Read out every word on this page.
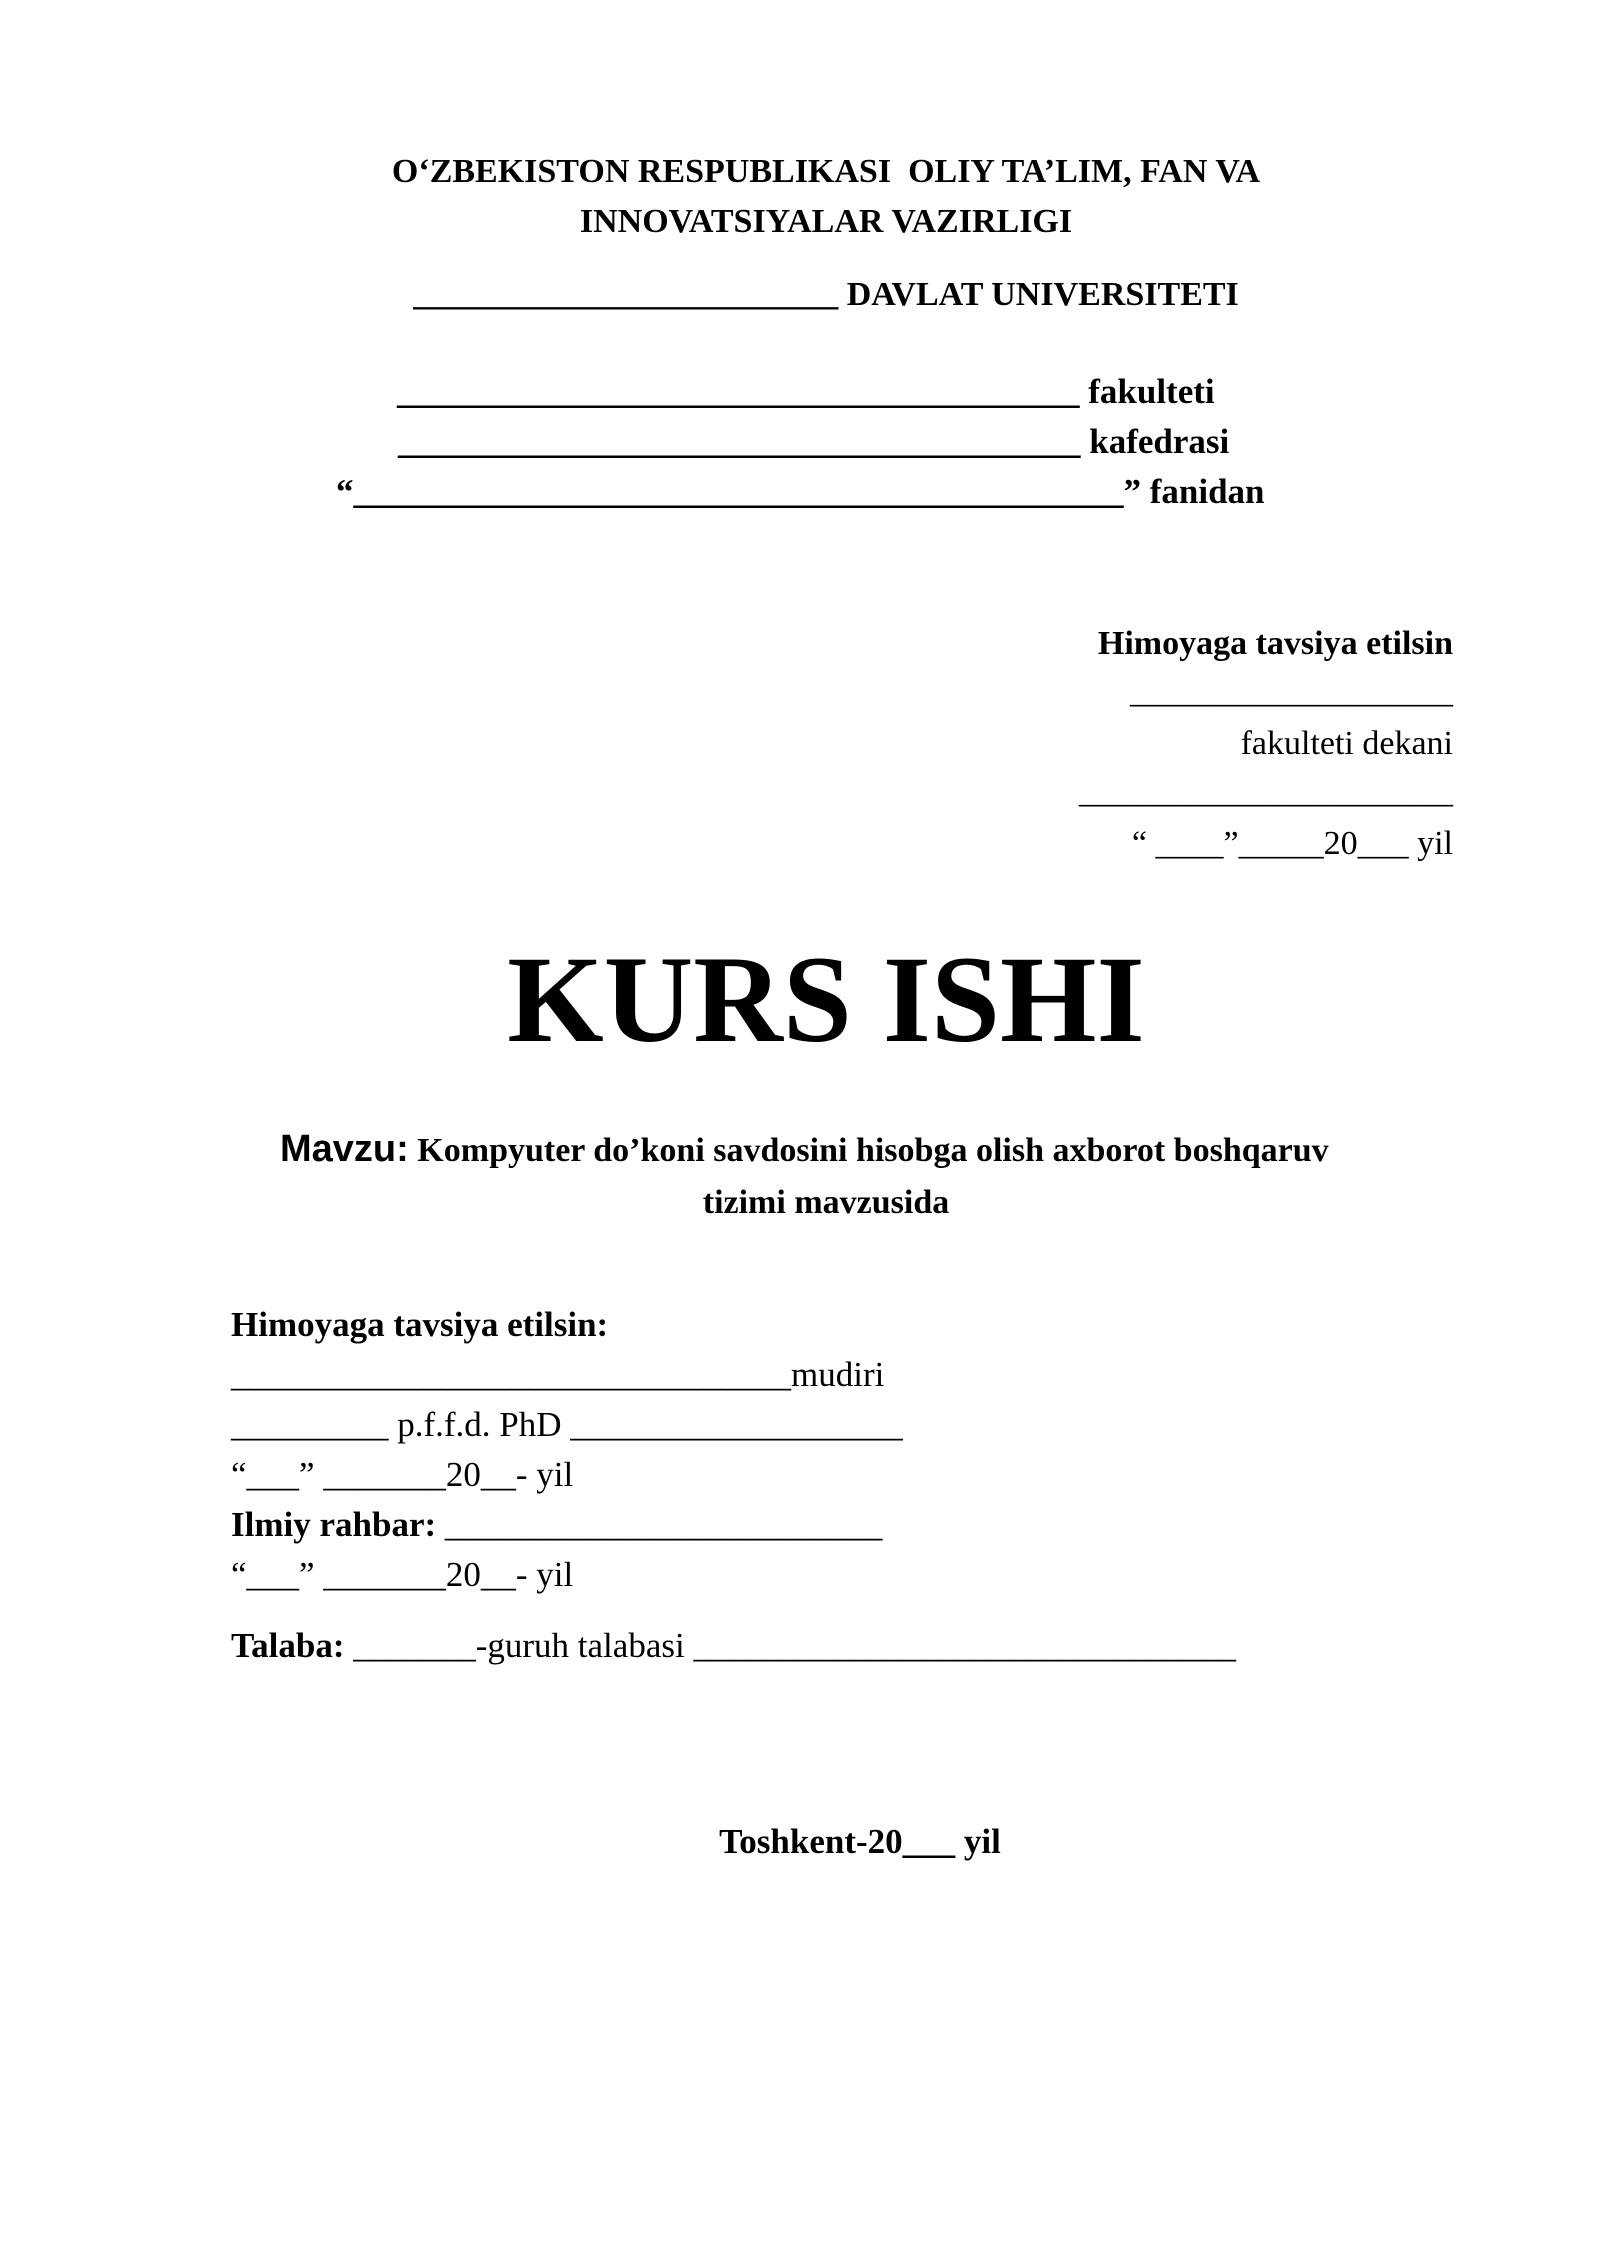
O‘ZBEKISTON RESPUBLIKASI  OLIY TA’LIM, FAN VA
INNOVATSIYALAR VAZIRLIGI
_________________________ DAVLAT UNIVERSITETI
_______________________________________ fakulteti
_______________________________________ kafedrasi
“____________________________________________” fanidan
Himoyaga tavsiya etilsin
___________________
fakulteti dekani
______________________
“ ____”_____20___ yil
KURS ISHI
Mavzu: Kompyuter do’koni savdosini hisobga olish axborot boshqaruv
tizimi mavzusida
Himoyaga tavsiya etilsin:
________________________________mudiri
_________ p.f.f.d. PhD ___________________
“___” _______20__- yil
Ilmiy rahbar: _________________________
“___” _______20__- yil
Talaba: _______-guruh talabasi _______________________________
Toshkent-20___ yil
